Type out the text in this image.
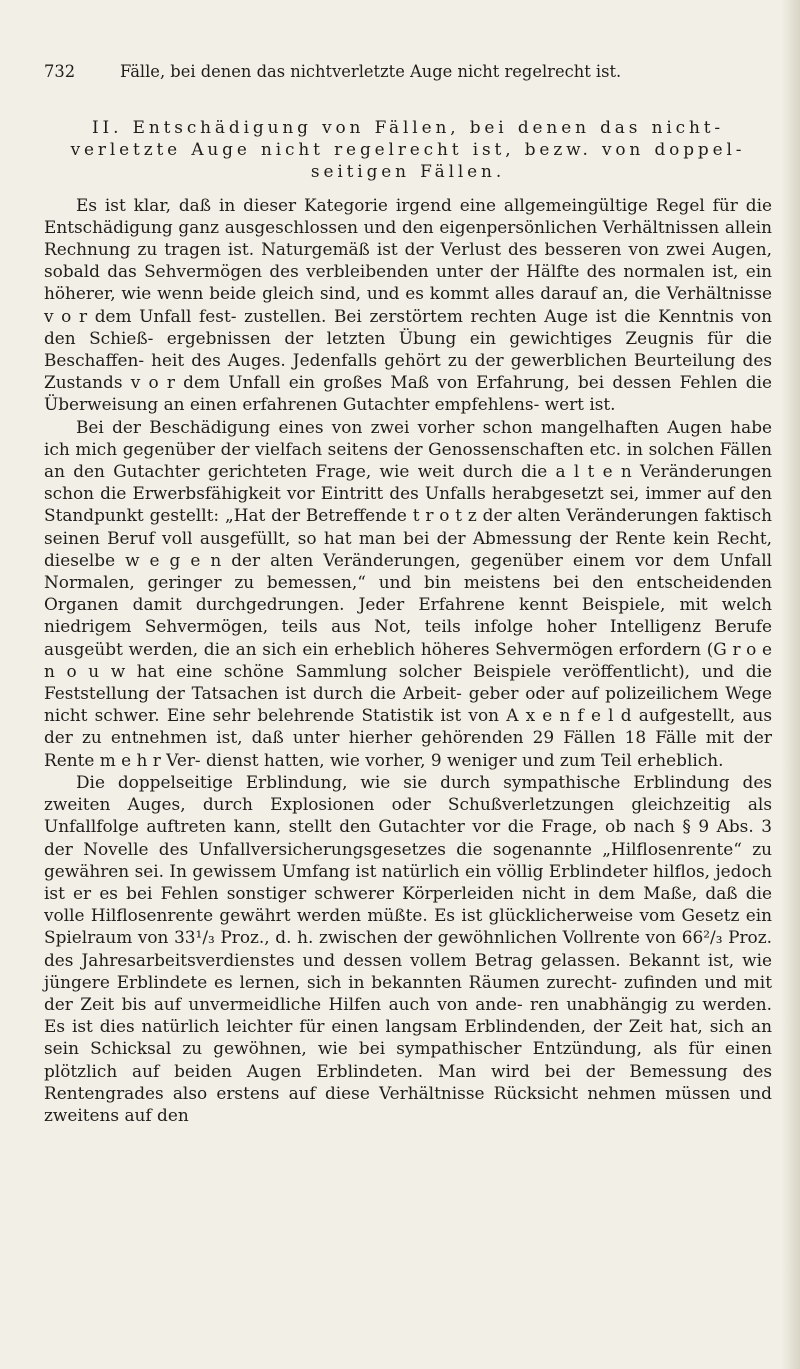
732	Fälle, bei denen das nichtverletzte Auge nicht regelrecht ist.
II. Entschädigung von Fällen, bei denen das nicht-
verletzte Auge nicht regelrecht ist, bezw. von doppel-
seitigen Fällen.

Es ist klar, daß in dieser Kategorie irgend eine allgemeingültige Regel für die Entschädigung ganz ausgeschlossen und den eigenpersönlichen Verhältnissen allein Rechnung zu tragen ist. Naturgemäß ist der Verlust des besseren von zwei Augen, sobald das Sehvermögen des verbleibenden unter der Hälfte des normalen ist, ein höherer, wie wenn beide gleich sind, und es kommt alles darauf an, die Verhältnisse v o r dem Unfall fest- zustellen. Bei zerstörtem rechten Auge ist die Kenntnis von den Schieß- ergebnissen der letzten Übung ein gewichtiges Zeugnis für die Beschaffen- heit des Auges. Jedenfalls gehört zu der gewerblichen Beurteilung des Zustands v o r dem Unfall ein großes Maß von Erfahrung, bei dessen Fehlen die Überweisung an einen erfahrenen Gutachter empfehlens- wert ist.

Bei der Beschädigung eines von zwei vorher schon mangelhaften Augen habe ich mich gegenüber der vielfach seitens der Genossenschaften etc. in solchen Fällen an den Gutachter gerichteten Frage, wie weit durch die a l t e n Veränderungen schon die Erwerbsfähigkeit vor Eintritt des Unfalls herabgesetzt sei, immer auf den Standpunkt gestellt: „Hat der Betreffende t r o t z der alten Veränderungen faktisch seinen Beruf voll ausgefüllt, so hat man bei der Abmessung der Rente kein Recht, dieselbe w e g e n der alten Veränderungen, gegenüber einem vor dem Unfall Normalen, geringer zu bemessen,“ und bin meistens bei den entscheidenden Organen damit durchgedrungen. Jeder Erfahrene kennt Beispiele, mit welch niedrigem Sehvermögen, teils aus Not, teils infolge hoher Intelligenz Berufe ausgeübt werden, die an sich ein erheblich höheres Sehvermögen erfordern (G r o e n o u w hat eine schöne Sammlung solcher Beispiele veröffentlicht), und die Feststellung der Tatsachen ist durch die Arbeit- geber oder auf polizeilichem Wege nicht schwer. Eine sehr belehrende Statistik ist von A x e n f e l d aufgestellt, aus der zu entnehmen ist, daß unter hierher gehörenden 29 Fällen 18 Fälle mit der Rente m e h r Ver- dienst hatten, wie vorher, 9 weniger und zum Teil erheblich.

Die doppelseitige Erblindung, wie sie durch sympathische Erblindung des zweiten Auges, durch Explosionen oder Schußverletzungen gleichzeitig als Unfallfolge auftreten kann, stellt den Gutachter vor die Frage, ob nach § 9 Abs. 3 der Novelle des Unfallversicherungsgesetzes die sogenannte „Hilflosenrente“ zu gewähren sei. In gewissem Umfang ist natürlich ein völlig Erblindeter hilflos, jedoch ist er es bei Fehlen sonstiger schwerer Körperleiden nicht in dem Maße, daß die volle Hilflosenrente gewährt werden müßte. Es ist glücklicherweise vom Gesetz ein Spielraum von 33¹/₃ Proz., d. h. zwischen der gewöhnlichen Vollrente von 66²/₃ Proz. des Jahresarbeitsverdienstes und dessen vollem Betrag gelassen. Bekannt ist, wie jüngere Erblindete es lernen, sich in bekannten Räumen zurecht- zufinden und mit der Zeit bis auf unvermeidliche Hilfen auch von ande- ren unabhängig zu werden. Es ist dies natürlich leichter für einen langsam Erblindenden, der Zeit hat, sich an sein Schicksal zu gewöhnen, wie bei sympathischer Entzündung, als für einen plötzlich auf beiden Augen Erblindeten. Man wird bei der Bemessung des Rentengrades also erstens auf diese Verhältnisse Rücksicht nehmen müssen und zweitens auf den
